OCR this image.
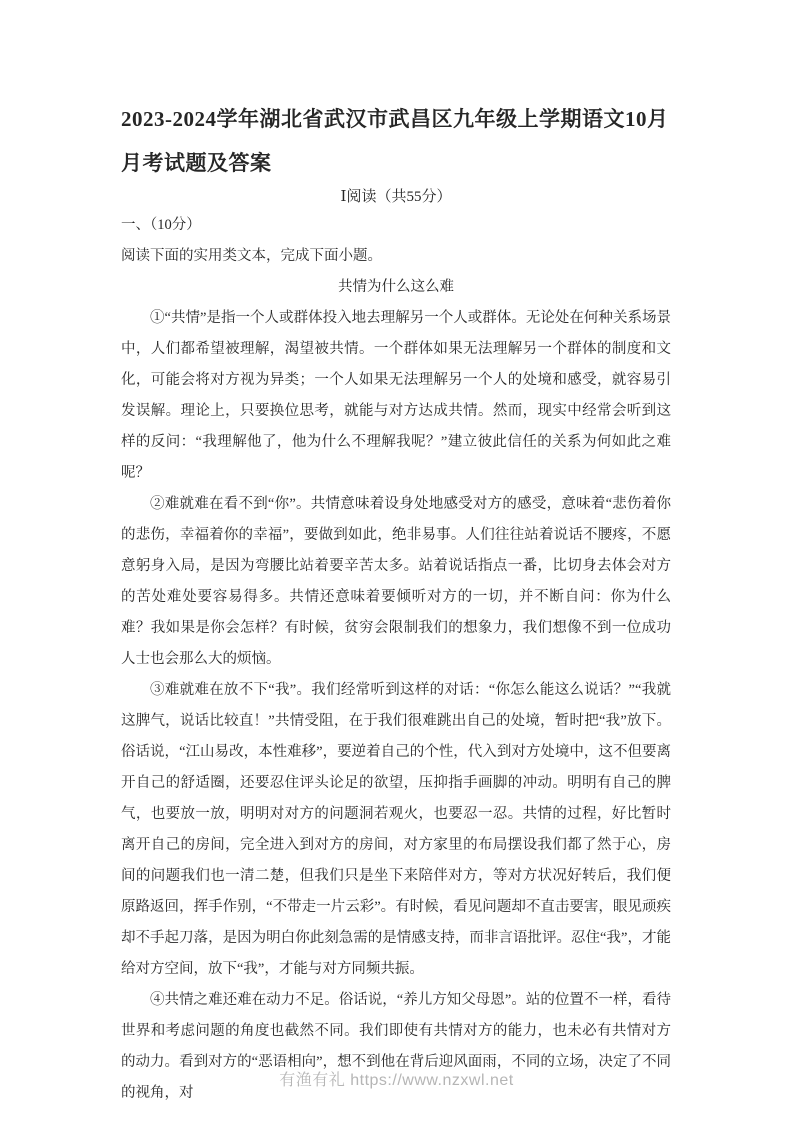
2023-2024学年湖北省武汉市武昌区九年级上学期语文10月月考试题及答案
Ⅰ阅读（共55分）
一、（10分）
阅读下面的实用类文本，完成下面小题。
共情为什么这么难

①“共情”是指一个人或群体投入地去理解另一个人或群体。无论处在何种关系场景中，人们都希望被理解，渴望被共情。一个群体如果无法理解另一个群体的制度和文化，可能会将对方视为异类；一个人如果无法理解另一个人的处境和感受，就容易引发误解。理论上，只要换位思考，就能与对方达成共情。然而，现实中经常会听到这样的反问：“我理解他了，他为什么不理解我呢？”建立彼此信任的关系为何如此之难呢？

②难就难在看不到“你”。共情意味着设身处地感受对方的感受，意味着“悲伤着你的悲伤，幸福着你的幸福”，要做到如此，绝非易事。人们往往站着说话不腰疼，不愿意躬身入局，是因为弯腰比站着要辛苦太多。站着说话指点一番，比切身去体会对方的苦处难处要容易得多。共情还意味着要倾听对方的一切，并不断自问：你为什么难？我如果是你会怎样？有时候，贫穷会限制我们的想象力，我们想像不到一位成功人士也会那么大的烦恼。

③难就难在放不下“我”。我们经常听到这样的对话：“你怎么能这么说话？”“我就这脾气，说话比较直！”共情受阻，在于我们很难跳出自己的处境，暂时把“我”放下。俗话说，“江山易改，本性难移”，要逆着自己的个性，代入到对方处境中，这不但要离开自己的舒适圈，还要忍住评头论足的欲望，压抑指手画脚的冲动。明明有自己的脾气，也要放一放，明明对对方的问题洞若观火，也要忍一忍。共情的过程，好比暂时离开自己的房间，完全进入到对方的房间，对方家里的布局摆设我们都了然于心，房间的问题我们也一清二楚，但我们只是坐下来陪伴对方，等对方状况好转后，我们便原路返回，挥手作别，“不带走一片云彩”。有时候，看见问题却不直击要害，眼见顽疾却不手起刀落，是因为明白你此刻急需的是情感支持，而非言语批评。忍住“我”，才能给对方空间，放下“我”，才能与对方同频共振。

④共情之难还难在动力不足。俗话说，“养儿方知父母恩”。站的位置不一样，看待世界和考虑问题的角度也截然不同。我们即使有共情对方的能力，也未必有共情对方的动力。看到对方的“恶语相向”，想不到他在背后迎风面雨，不同的立场，决定了不同的视角，对

有渔有礼 https://www.nzxwl.net
